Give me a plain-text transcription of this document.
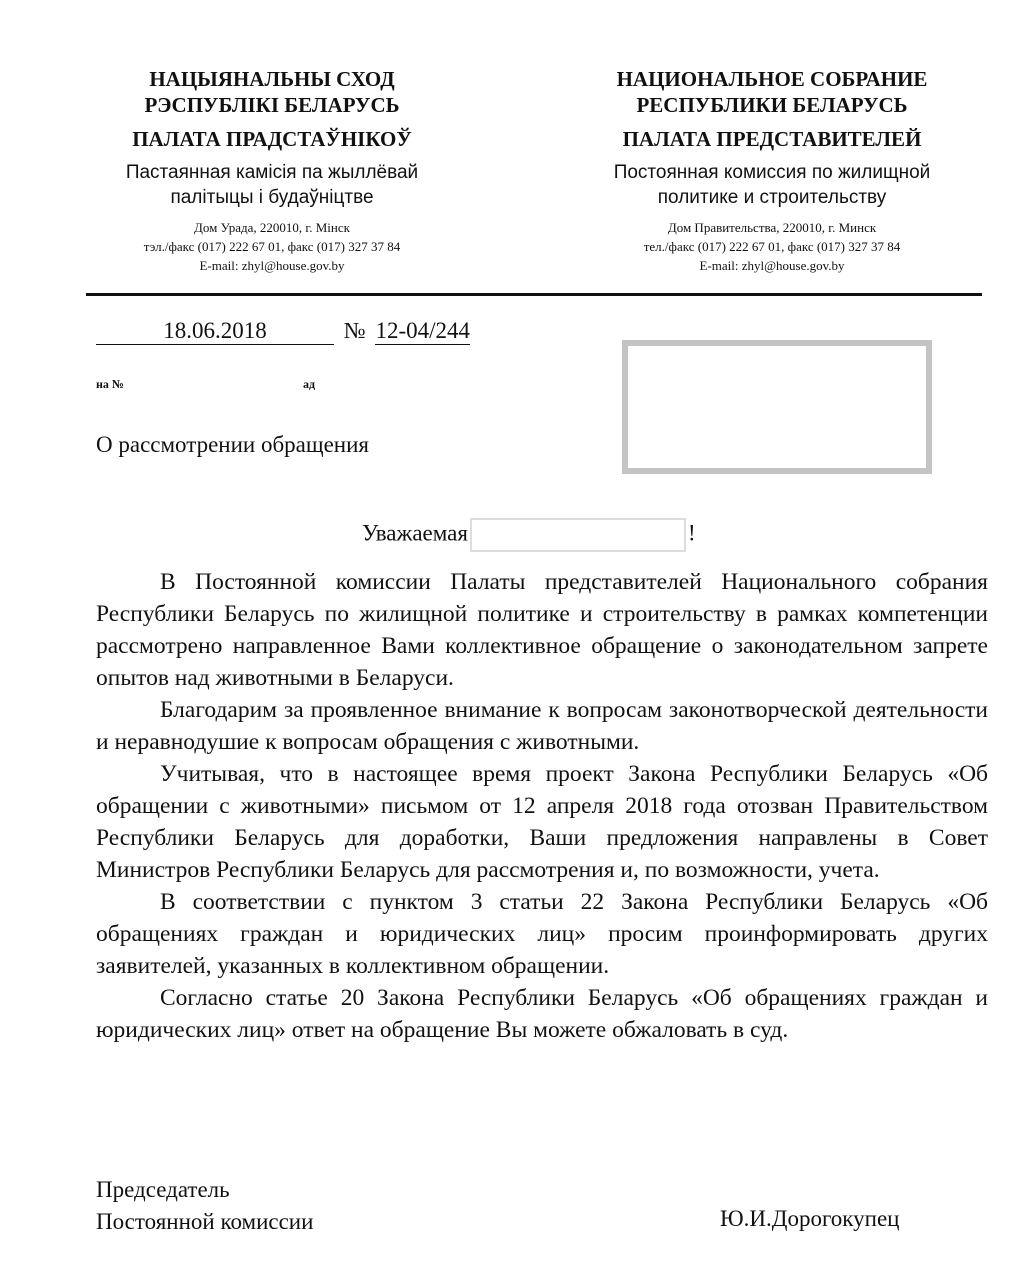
НАЦЫЯНАЛЬНЫ СХОД
РЭСПУБЛІКІ БЕЛАРУСЬ
ПАЛАТА ПРАДСТАЎНІКОЎ
Пастаянная камісія па жыллёвай
палітыцы і будаўніцтве
Дом Урада, 220010, г. Мінск
тэл./факс (017) 222 67 01, факс (017) 327 37 84
E-mail: zhyl@house.gov.by
НАЦИОНАЛЬНОЕ СОБРАНИЕ
РЕСПУБЛИКИ БЕЛАРУСЬ
ПАЛАТА ПРЕДСТАВИТЕЛЕЙ
Постоянная комиссия по жилищной
политике и строительству
Дом Правительства, 220010, г. Минск
тел./факс (017) 222 67 01, факс (017) 327 37 84
E-mail: zhyl@house.gov.by
18.06.2018	№ 12-04/244
на №	ад
О рассмотрении обращения
Уважаемая	!

В Постоянной комиссии Палаты представителей Национального собрания Республики Беларусь по жилищной политике и строительству в рамках компетенции рассмотрено направленное Вами коллективное обращение о законодательном запрете опытов над животными в Беларуси.

Благодарим за проявленное внимание к вопросам законотворческой деятельности и неравнодушие к вопросам обращения с животными.

Учитывая, что в настоящее время проект Закона Республики Беларусь «Об обращении с животными» письмом от 12 апреля 2018 года отозван Правительством Республики Беларусь для доработки, Ваши предложения направлены в Совет Министров Республики Беларусь для рассмотрения и, по возможности, учета.

В соответствии с пунктом 3 статьи 22 Закона Республики Беларусь «Об обращениях граждан и юридических лиц» просим проинформировать других заявителей, указанных в коллективном обращении.

Согласно статье 20 Закона Республики Беларусь «Об обращениях граждан и юридических лиц» ответ на обращение Вы можете обжаловать в суд.

Председатель
Постоянной комиссии	Ю.И.Дорогокупец
